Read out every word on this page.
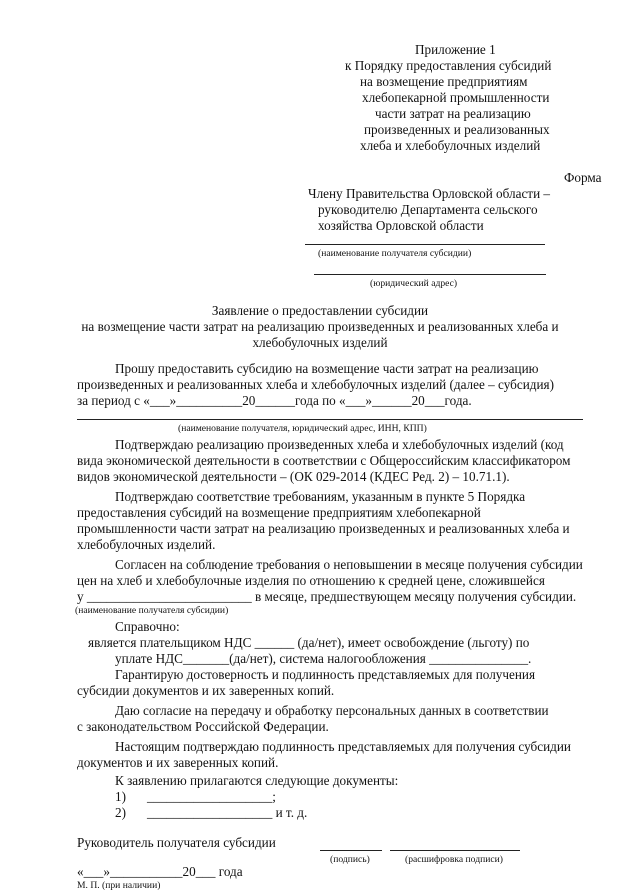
Приложение 1
к Порядку предоставления субсидий
на возмещение предприятиям
хлебопекарной промышленности
части затрат на реализацию
произведенных и реализованных
хлеба и хлебобулочных изделий
Форма
Члену Правительства Орловской области –
руководителю Департамента сельского
хозяйства Орловской области
(наименование получателя субсидии)
(юридический адрес)
Заявление о предоставлении субсидии
на возмещение части затрат на реализацию произведенных и реализованных хлеба и
хлебобулочных изделий
Прошу предоставить субсидию на возмещение части затрат на реализацию
произведенных и реализованных хлеба и хлебобулочных изделий (далее – субсидия)
за период с «___»__________20______года по «___»______20___года.
(наименование получателя, юридический адрес, ИНН, КПП)
Подтверждаю реализацию произведенных хлеба и хлебобулочных изделий (код
вида экономической деятельности в соответствии с Общероссийским классификатором
видов экономической деятельности – (ОК 029-2014 (КДЕС Ред. 2) – 10.71.1).
Подтверждаю соответствие требованиям, указанным в пункте 5 Порядка
предоставления субсидий на возмещение предприятиям хлебопекарной
промышленности части затрат на реализацию произведенных и реализованных хлеба и
хлебобулочных изделий.
Согласен на соблюдение требования о неповышении в месяце получения субсидии
цен на хлеб и хлебобулочные изделия по отношению к средней цене, сложившейся
у _________________________ в месяце, предшествующем месяцу получения субсидии.
(наименование получателя субсидии)
Справочно:
является плательщиком НДС ______ (да/нет), имеет освобождение (льготу) по
уплате НДС_______(да/нет), система налогообложения _______________.
Гарантирую достоверность и подлинность представляемых для получения
субсидии документов и их заверенных копий.
Даю согласие на передачу и обработку персональных данных в соответствии
с законодательством Российской Федерации.
Настоящим подтверждаю подлинность представляемых для получения субсидии
документов и их заверенных копий.
К заявлению прилагаются следующие документы:
1) ___________________;
2) ___________________ и т. д.
Руководитель получателя субсидии
(подпись)	(расшифровка подписи)
«___»___________20___ года
М. П. (при наличии)
